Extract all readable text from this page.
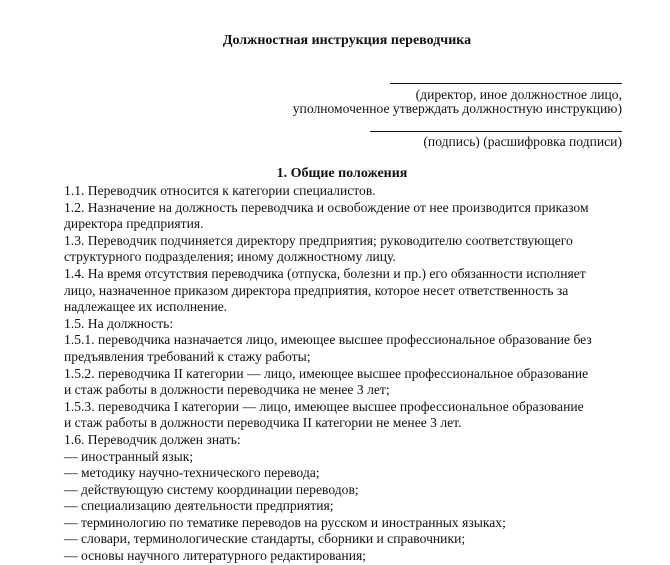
Должностная инструкция переводчика
(директор, иное должностное лицо,
уполномоченное утверждать должностную инструкцию)
(подпись) (расшифровка подписи)
1. Общие положения
1.1. Переводчик относится к категории специалистов.
1.2. Назначение на должность переводчика и освобождение от нее производится приказом
директора предприятия.
1.3. Переводчик подчиняется директору предприятия; руководителю соответствующего
структурного подразделения; иному должностному лицу.
1.4. На время отсутствия переводчика (отпуска, болезни и пр.) его обязанности исполняет
лицо, назначенное приказом директора предприятия, которое несет ответственность за
надлежащее их исполнение.
1.5. На должность:
1.5.1. переводчика назначается лицо, имеющее высшее профессиональное образование без
предъявления требований к стажу работы;
1.5.2. переводчика II категории — лицо, имеющее высшее профессиональное образование
и стаж работы в должности переводчика не менее 3 лет;
1.5.3. переводчика I категории — лицо, имеющее высшее профессиональное образование
и стаж работы в должности переводчика II категории не менее 3 лет.
1.6. Переводчик должен знать:
— иностранный язык;
— методику научно-технического перевода;
— действующую систему координации переводов;
— специализацию деятельности предприятия;
— терминологию по тематике переводов на русском и иностранных языках;
— словари, терминологические стандарты, сборники и справочники;
— основы научного литературного редактирования;
